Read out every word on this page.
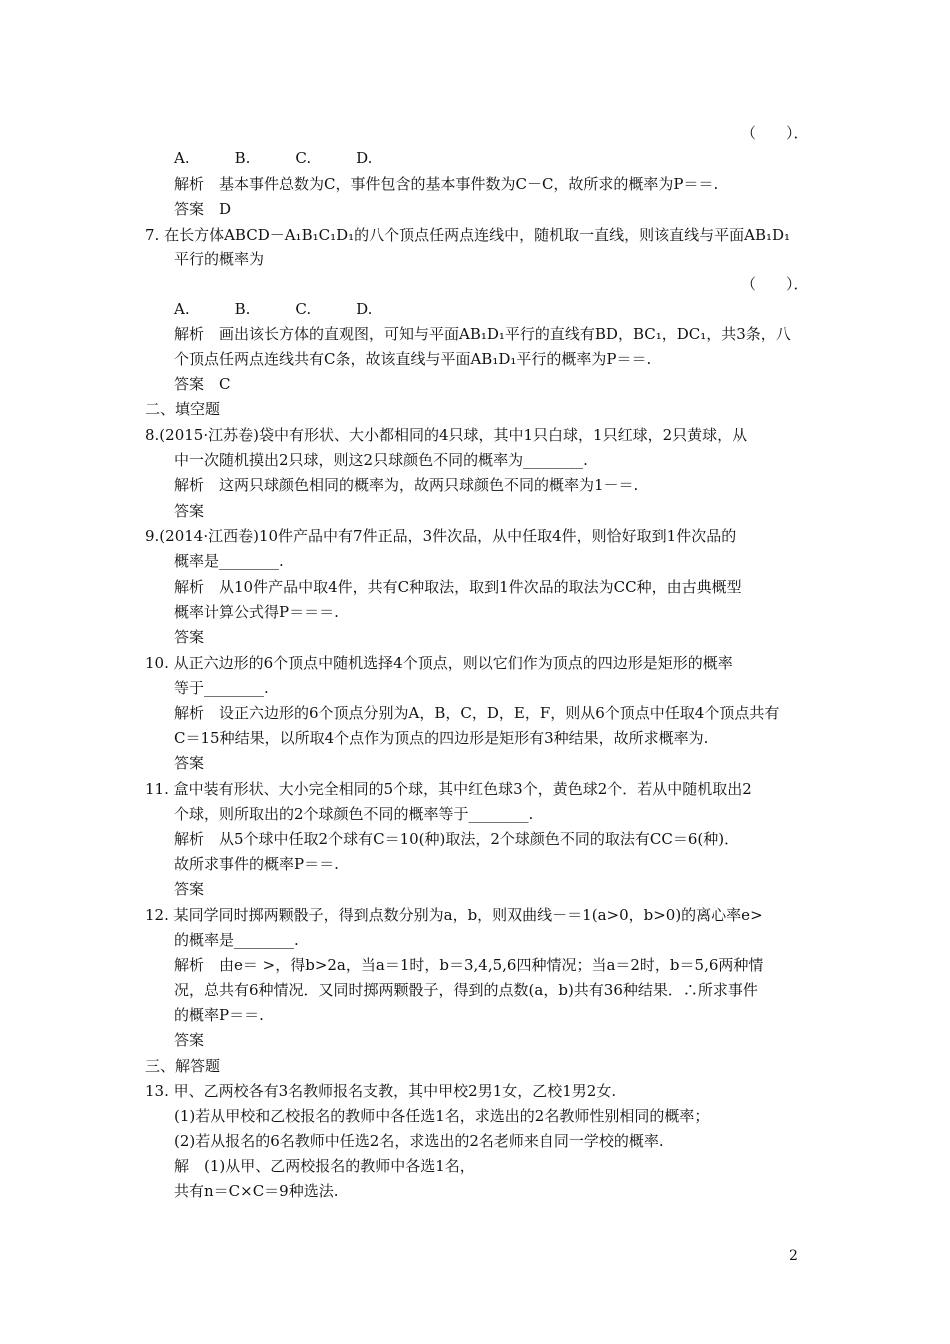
（　　）．
A.　　　B.　　　C.　　　D.
解析　基本事件总数为C，事件包含的基本事件数为C－C，故所求的概率为P＝＝.
答案　D
7. 在长方体ABCD－A₁B₁C₁D₁的八个顶点任两点连线中，随机取一直线，则该直线与平面AB₁D₁
平行的概率为
（　　）．
A.　　　B.　　　C.　　　D.
解析　画出该长方体的直观图，可知与平面AB₁D₁平行的直线有BD，BC₁，DC₁，共3条，八
个顶点任两点连线共有C条，故该直线与平面AB₁D₁平行的概率为P＝＝.
答案　C
二、填空题
8.(2015·江苏卷)袋中有形状、大小都相同的4只球，其中1只白球，1只红球，2只黄球，从
中一次随机摸出2只球，则这2只球颜色不同的概率为________.
解析　这两只球颜色相同的概率为，故两只球颜色不同的概率为1－＝.
答案
9.(2014·江西卷)10件产品中有7件正品，3件次品，从中任取4件，则恰好取到1件次品的
概率是________.
解析　从10件产品中取4件，共有C种取法，取到1件次品的取法为CC种，由古典概型
概率计算公式得P＝＝＝.
答案
10. 从正六边形的6个顶点中随机选择4个顶点，则以它们作为顶点的四边形是矩形的概率
等于________.
解析　设正六边形的6个顶点分别为A，B，C，D，E，F，则从6个顶点中任取4个顶点共有
C＝15种结果，以所取4个点作为顶点的四边形是矩形有3种结果，故所求概率为.
答案
11. 盒中装有形状、大小完全相同的5个球，其中红色球3个，黄色球2个．若从中随机取出2
个球，则所取出的2个球颜色不同的概率等于________.
解析　从5个球中任取2个球有C＝10(种)取法，2个球颜色不同的取法有CC＝6(种)．
故所求事件的概率P＝＝.
答案
12. 某同学同时掷两颗骰子，得到点数分别为a，b，则双曲线－＝1(a>0，b>0)的离心率e>
的概率是________.
解析　由e＝ >，得b>2a，当a＝1时，b＝3,4,5,6四种情况；当a＝2时，b＝5,6两种情
况，总共有6种情况．又同时掷两颗骰子，得到的点数(a，b)共有36种结果．∴所求事件
的概率P＝＝.
答案
三、解答题
13. 甲、乙两校各有3名教师报名支教，其中甲校2男1女，乙校1男2女.
(1)若从甲校和乙校报名的教师中各任选1名，求选出的2名教师性别相同的概率；
(2)若从报名的6名教师中任选2名，求选出的2名老师来自同一学校的概率.
解　(1)从甲、乙两校报名的教师中各选1名，
共有n＝C×C＝9种选法.
2
